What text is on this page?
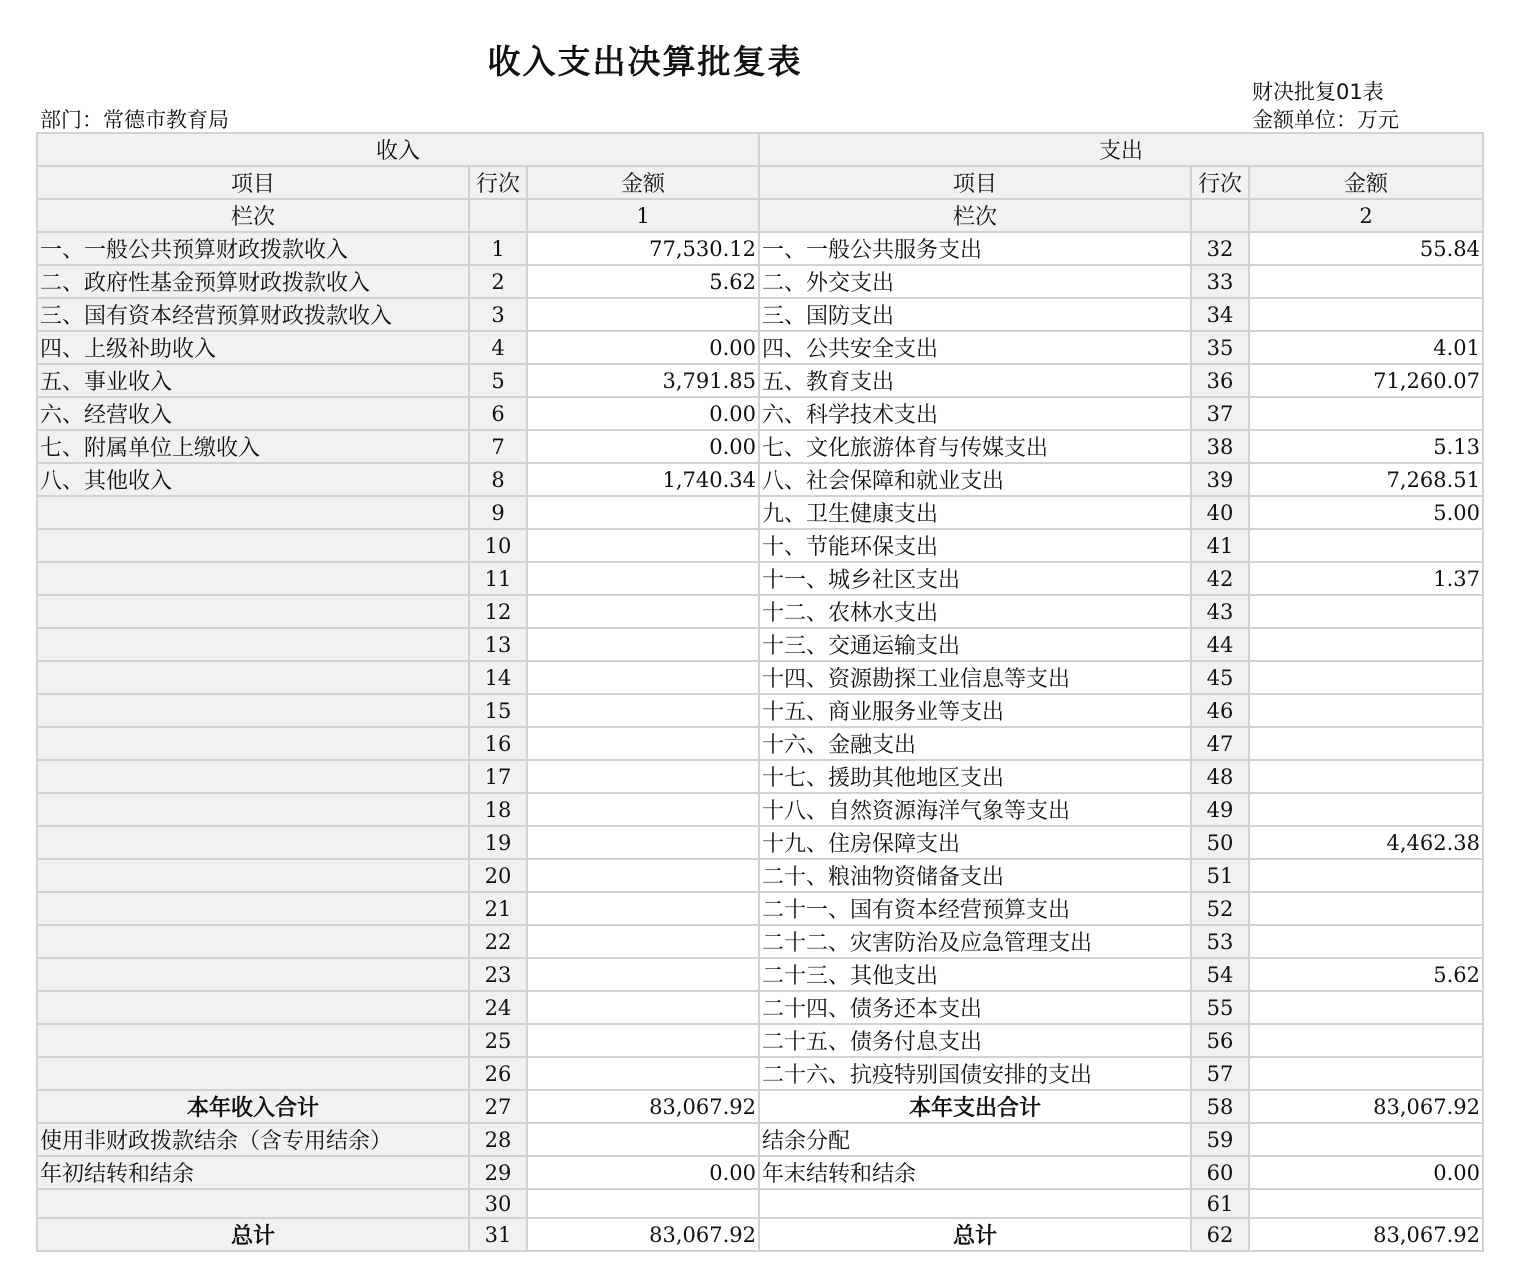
收入支出决算批复表
财决批复01表
部门：常德市教育局	金额单位：万元
收入			支出		
项目	行次	金额	项目	行次	金额
栏次		1	栏次		2
一、一般公共预算财政拨款收入	1	77,530.12	一、一般公共服务支出	32	55.84
二、政府性基金预算财政拨款收入	2	5.62	二、外交支出	33	
三、国有资本经营预算财政拨款收入	3		三、国防支出	34	
四、上级补助收入	4	0.00	四、公共安全支出	35	4.01
五、事业收入	5	3,791.85	五、教育支出	36	71,260.07
六、经营收入	6	0.00	六、科学技术支出	37	
七、附属单位上缴收入	7	0.00	七、文化旅游体育与传媒支出	38	5.13
八、其他收入	8	1,740.34	八、社会保障和就业支出	39	7,268.51
	9		九、卫生健康支出	40	5.00
	10		十、节能环保支出	41	
	11		十一、城乡社区支出	42	1.37
	12		十二、农林水支出	43	
	13		十三、交通运输支出	44	
	14		十四、资源勘探工业信息等支出	45	
	15		十五、商业服务业等支出	46	
	16		十六、金融支出	47	
	17		十七、援助其他地区支出	48	
	18		十八、自然资源海洋气象等支出	49	
	19		十九、住房保障支出	50	4,462.38
	20		二十、粮油物资储备支出	51	
	21		二十一、国有资本经营预算支出	52	
	22		二十二、灾害防治及应急管理支出	53	
	23		二十三、其他支出	54	5.62
	24		二十四、债务还本支出	55	
	25		二十五、债务付息支出	56	
	26		二十六、抗疫特别国债安排的支出	57	
本年收入合计	27	83,067.92	本年支出合计	58	83,067.92
使用非财政拨款结余（含专用结余）	28		结余分配	59	
年初结转和结余	29	0.00	年末结转和结余	60	0.00
	30			61	
总计	31	83,067.92	总计	62	83,067.92
